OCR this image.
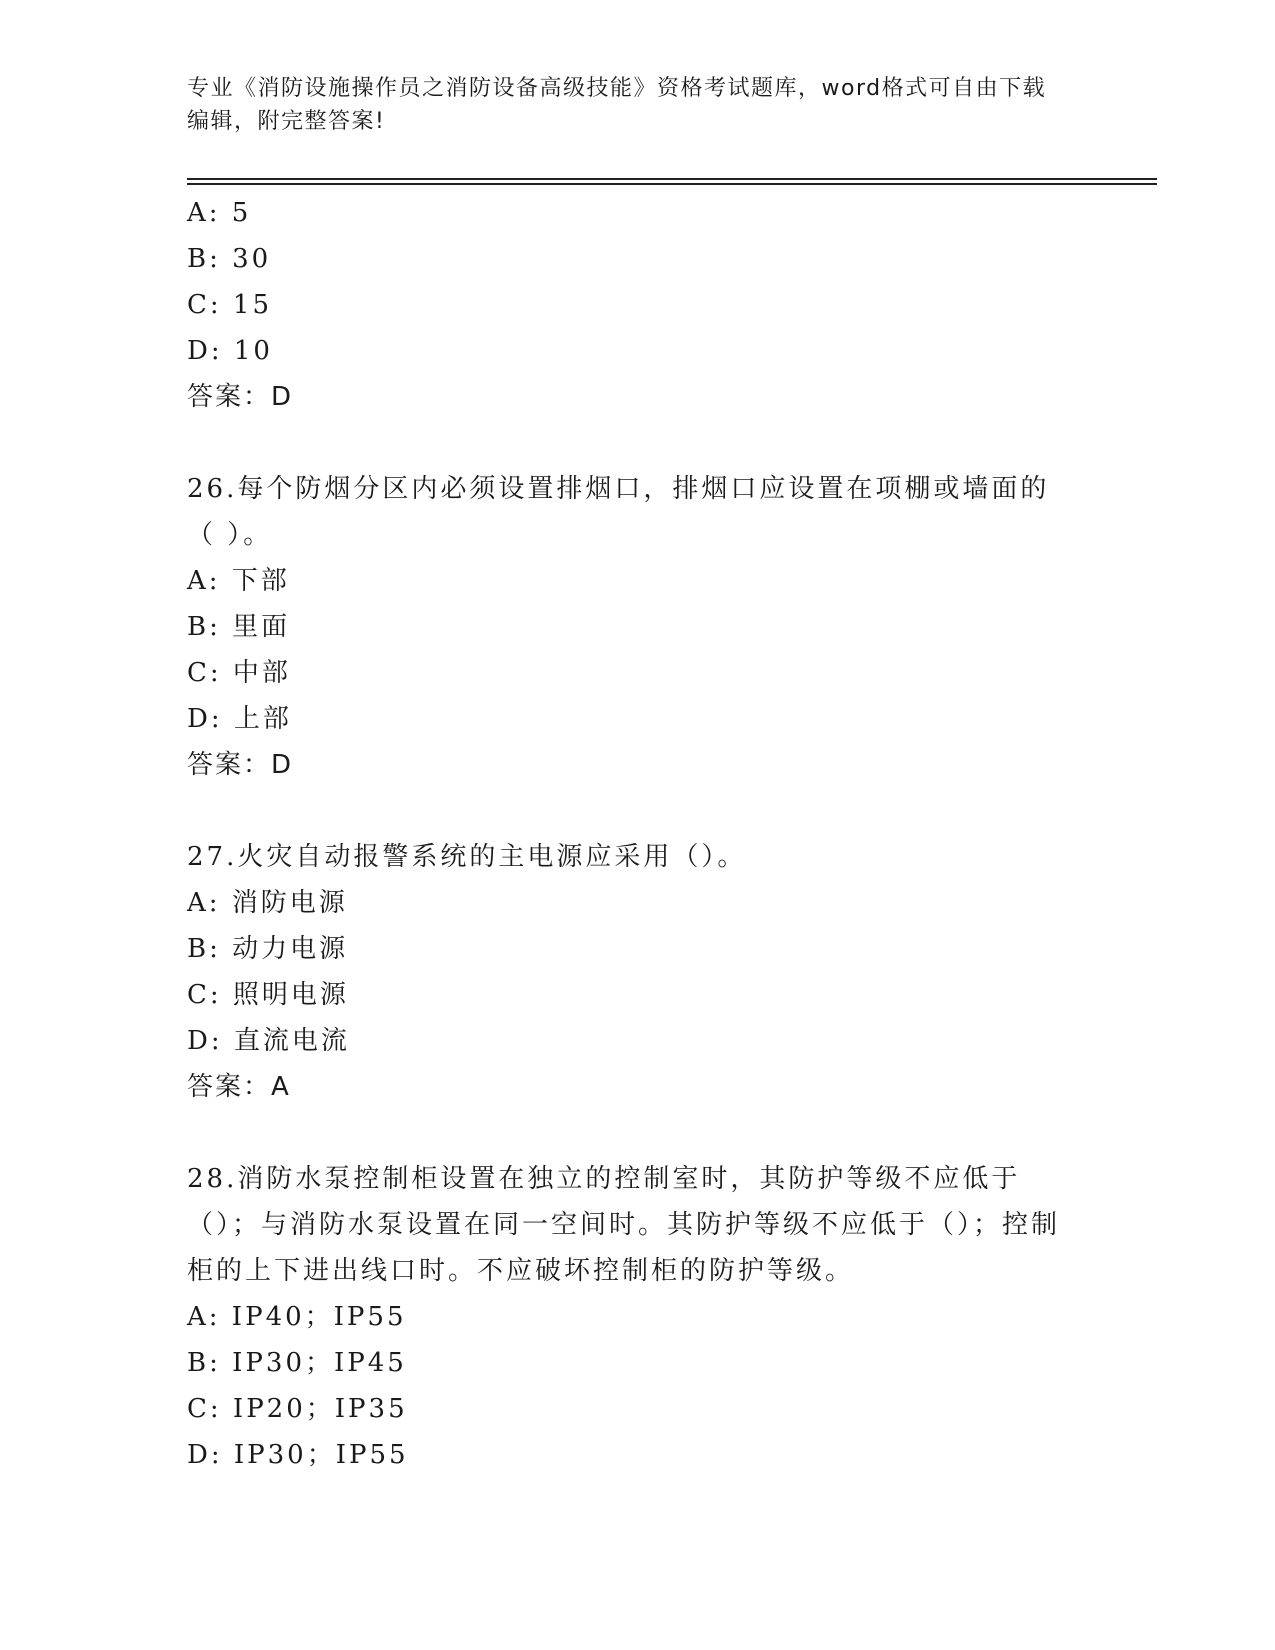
专业《消防设施操作员之消防设备高级技能》资格考试题库，word格式可自由下载编辑，附完整答案!
A: 5
B: 30
C: 15
D: 10
答案：D
26.每个防烟分区内必须设置排烟口，排烟口应设置在项棚或墙面的（ ）。
A: 下部
B: 里面
C: 中部
D: 上部
答案：D
27.火灾自动报警系统的主电源应采用（）。
A: 消防电源
B: 动力电源
C: 照明电源
D: 直流电流
答案：A
28.消防水泵控制柜设置在独立的控制室时，其防护等级不应低于（）；与消防水泵设置在同一空间时。其防护等级不应低于（）；控制柜的上下进出线口时。不应破坏控制柜的防护等级。
A: IP40；IP55
B: IP30；IP45
C: IP20；IP35
D: IP30；IP55
